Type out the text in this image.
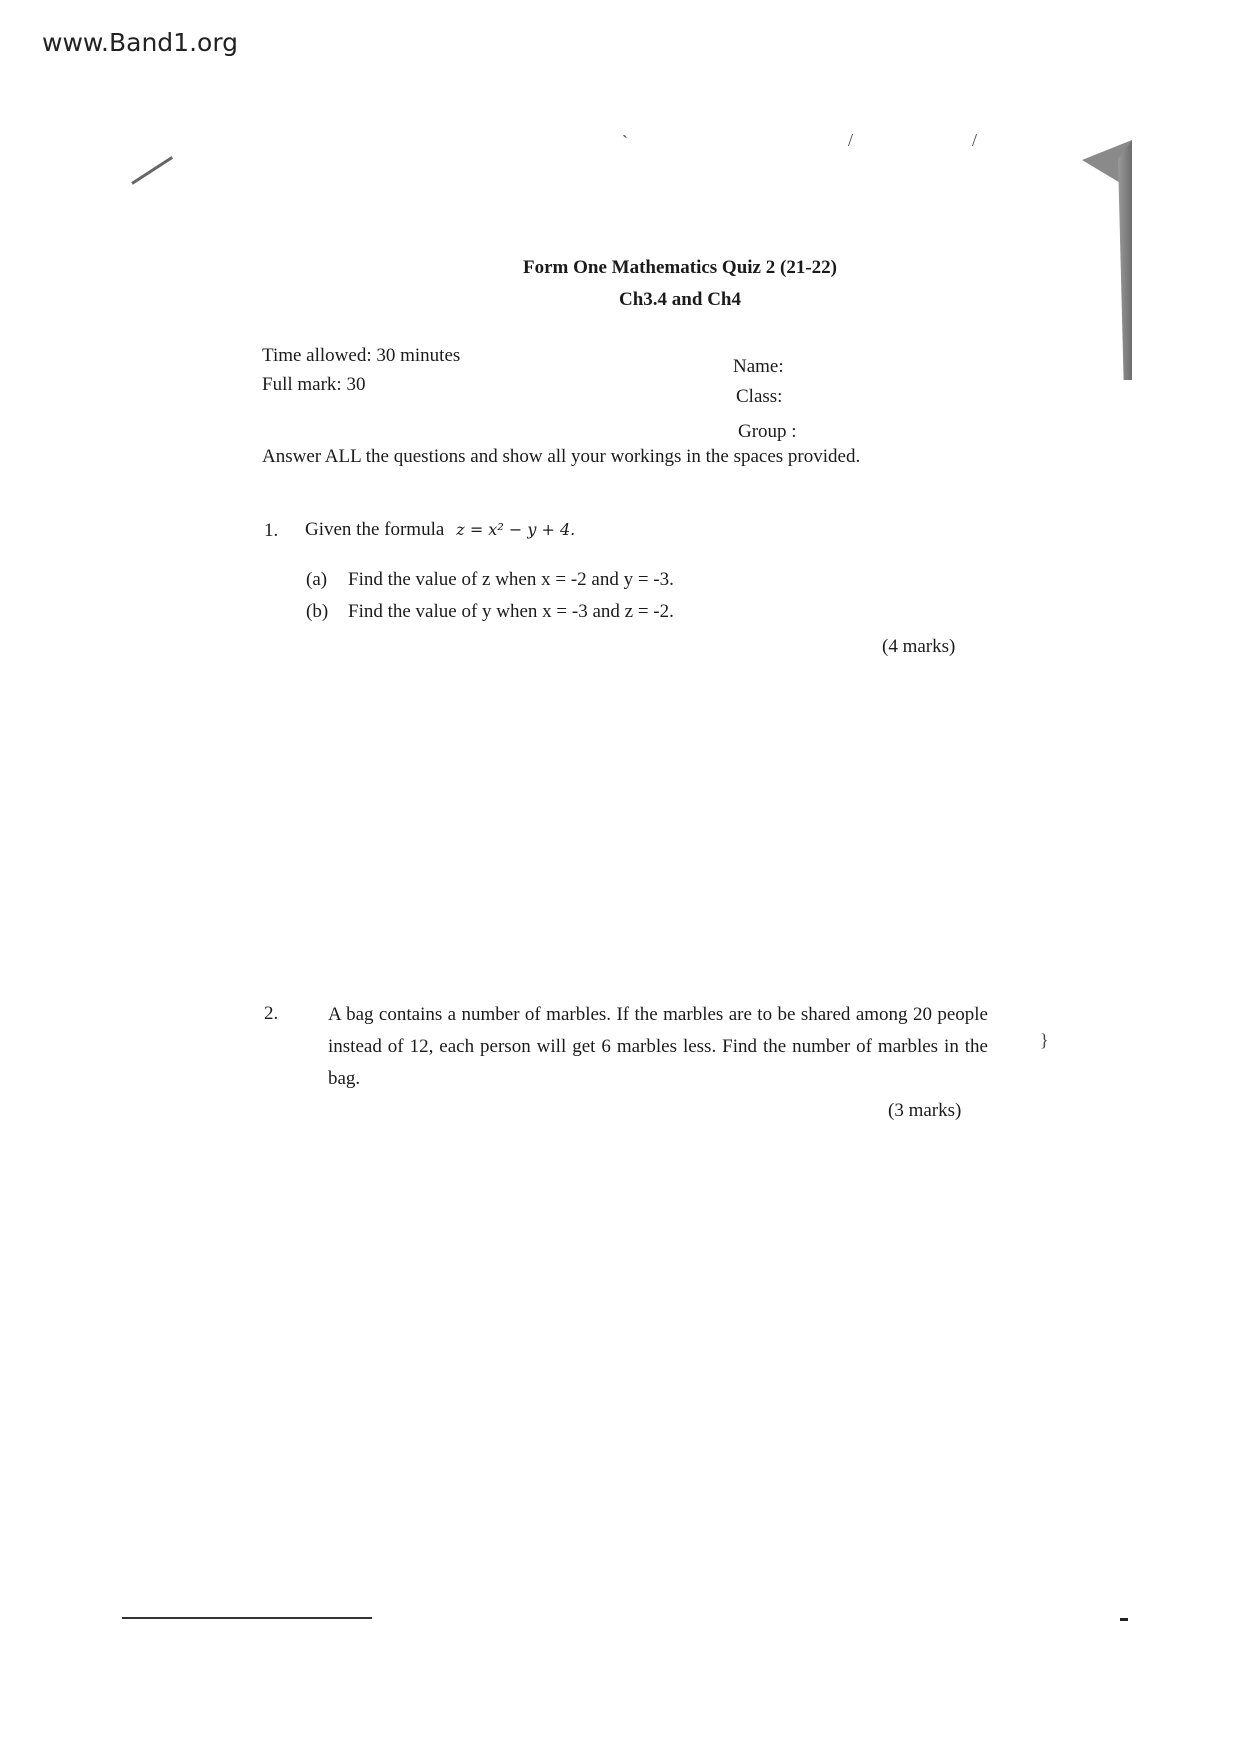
/
`	/
}
www.Band1.org
Form One Mathematics Quiz 2 (21-22)
Ch3.4 and Ch4
Time allowed: 30 minutes
Full mark: 30
Name:
Class:
Group :
Answer ALL the questions and show all your workings in the spaces provided.
1. Given the formula z = x² − y + 4.
(a) Find the value of z when x = -2 and y = -3.
(b) Find the value of y when x = -3 and z = -2.
(4 marks)
2.	A bag contains a number of marbles. If the marbles are to be shared among 20 people instead of 12, each person will get 6 marbles less. Find the number of marbles in the bag.
(3 marks)
